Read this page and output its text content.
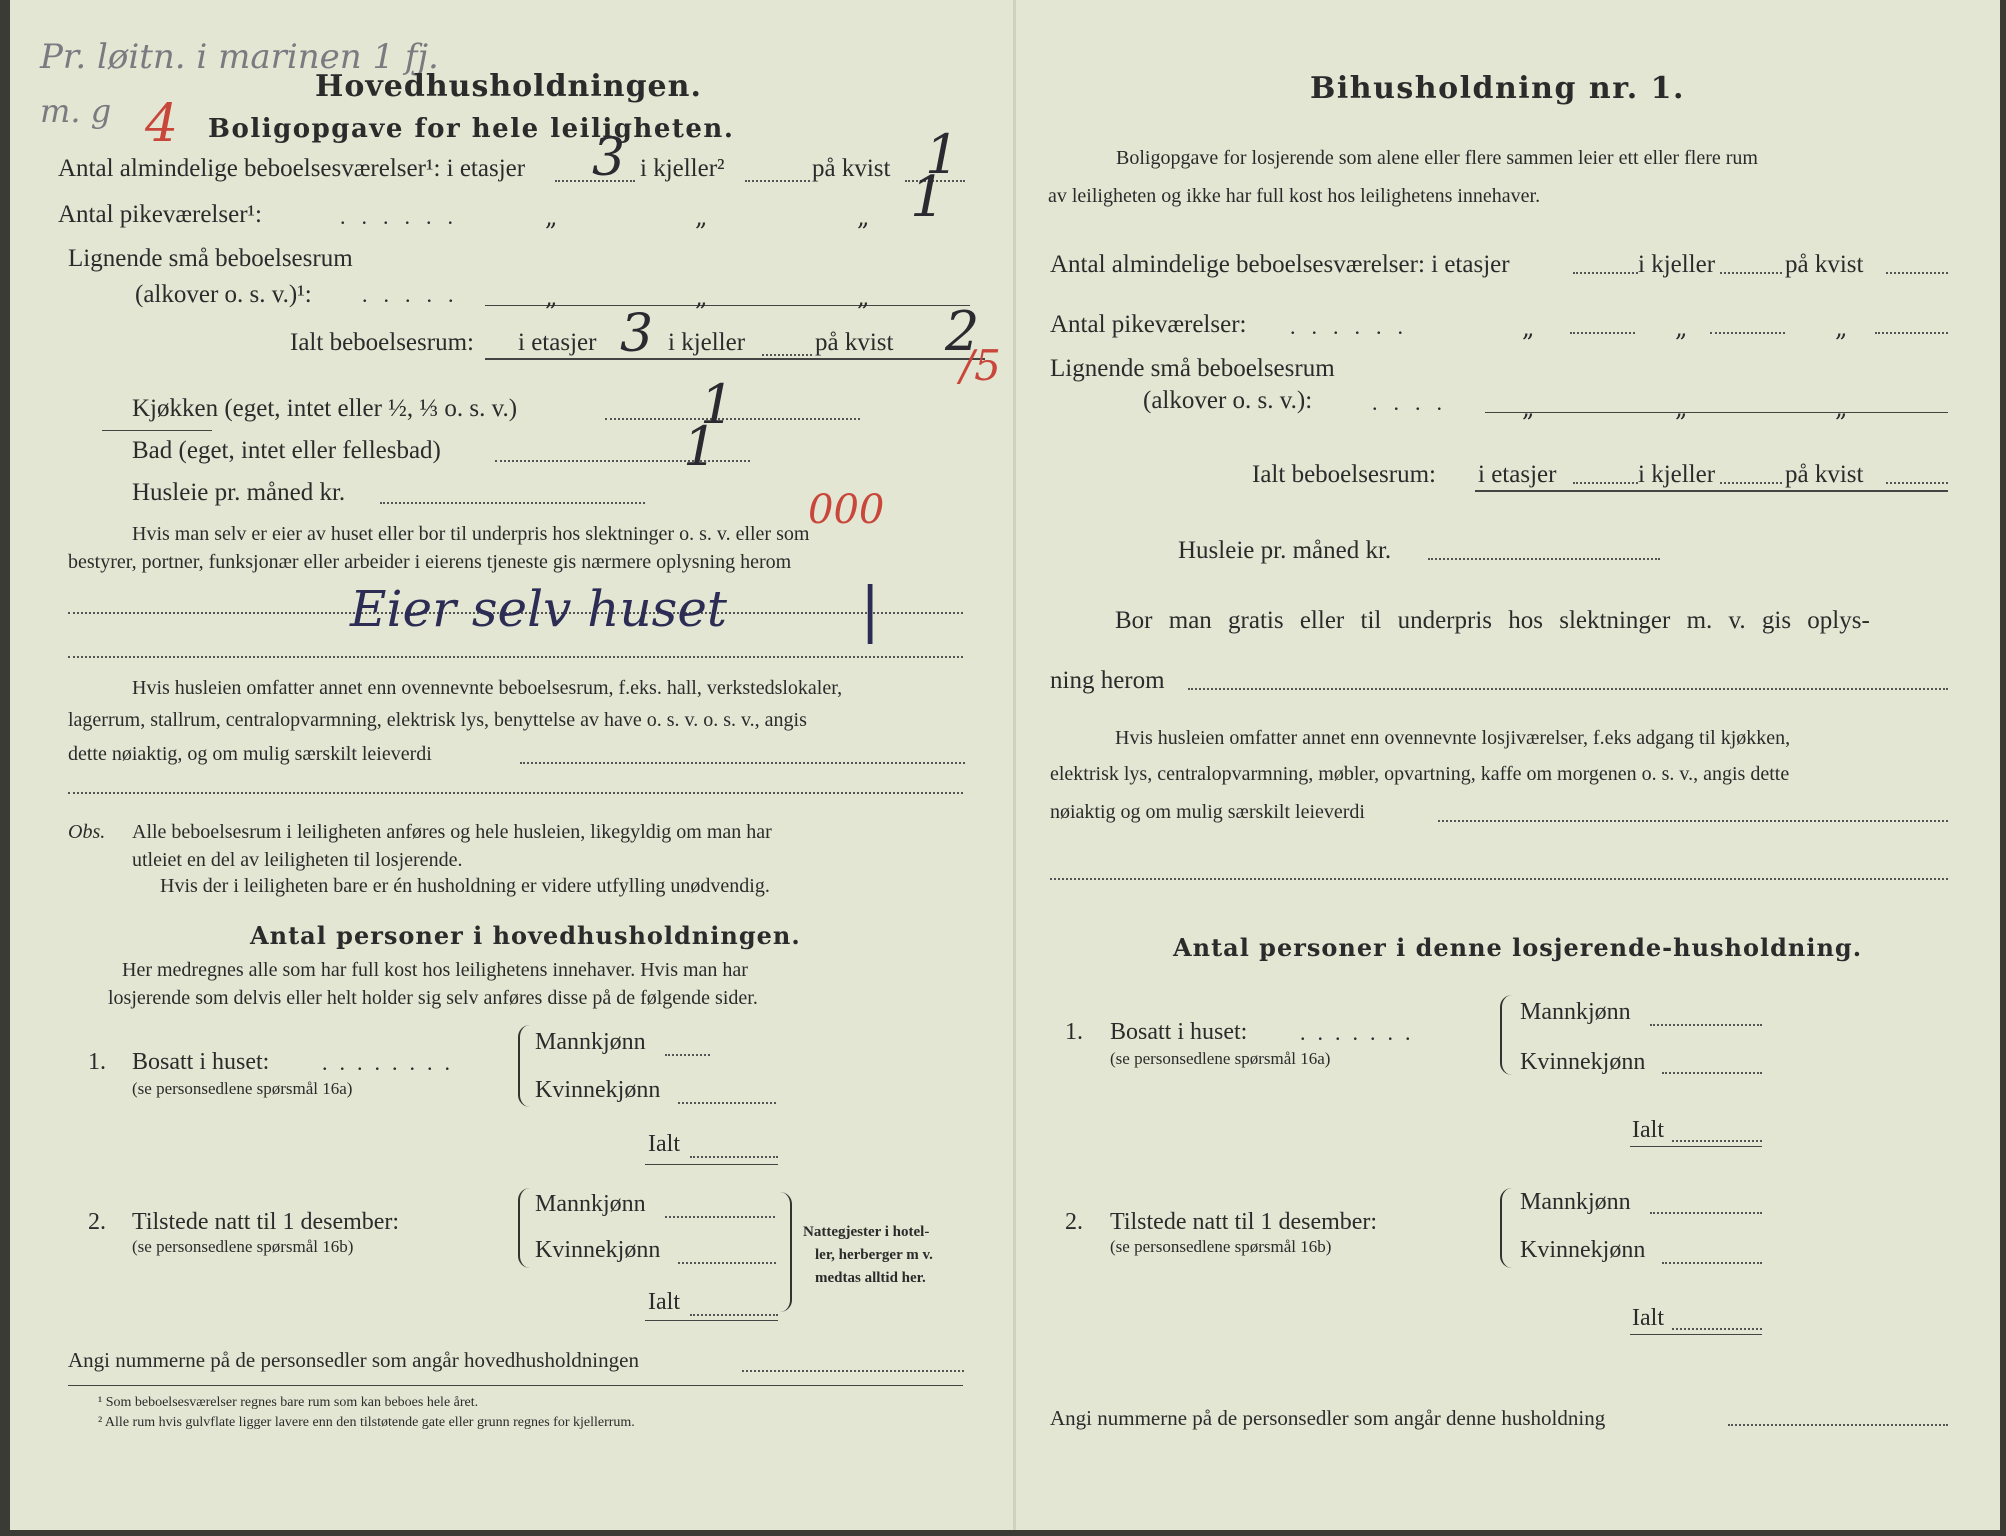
Pr. løitn. i marinen 1 fj.
m. g 4
Hovedhusholdningen.
Boligopgave for hele leiligheten.
Antal almindelige beboelsesværelser¹: i etasjer 3 i kjeller²	på kvist 1
Antal pikeværelser¹:	......	„	„	„ 1
Lignende små beboelsesrum
(alkover o. s. v.)¹: .....	„	„	„
Ialt beboelsesrum: i etasjer 3 i kjeller	på kvist 2
/5
Kjøkken (eget, intet eller ½, ⅓ o. s. v.)	1
Bad (eget, intet eller fellesbad)	1
Husleie pr. måned kr.	000
Hvis man selv er eier av huset eller bor til underpris hos slektninger o. s. v. eller som
bestyrer, portner, funksjonær eller arbeider i eierens tjeneste gis nærmere oplysning herom
Eier selv huset |
Hvis husleien omfatter annet enn ovennevnte beboelsesrum, f.eks. hall, verkstedslokaler,
lagerrum, stallrum, centralopvarmning, elektrisk lys, benyttelse av have o. s. v. o. s. v., angis
dette nøiaktig, og om mulig særskilt leieverdi
Obs. Alle beboelsesrum i leiligheten anføres og hele husleien, likegyldig om man har
utleiet en del av leiligheten til losjerende.
Hvis der i leiligheten bare er én husholdning er videre utfylling unødvendig.
Antal personer i hovedhusholdningen.
Her medregnes alle som har full kost hos leilighetens innehaver. Hvis man har
losjerende som delvis eller helt holder sig selv anføres disse på de følgende sider.
1. Bosatt i huset: ........
(se personsedlene spørsmål 16a)
Mannkjønn
Kvinnekjønn
Ialt
2. Tilstede natt til 1 desember:
(se personsedlene spørsmål 16b)
Mannkjønn
Kvinnekjønn
Ialt
Nattegjester i hotel-
ler, herberger m v.
medtas alltid her.
Angi nummerne på de personsedler som angår hovedhusholdningen
¹ Som beboelsesværelser regnes bare rum som kan beboes hele året.
² Alle rum hvis gulvflate ligger lavere enn den tilstøtende gate eller grunn regnes for kjellerrum.
Bihusholdning nr. 1.
Boligopgave for losjerende som alene eller flere sammen leier ett eller flere rum
av leiligheten og ikke har full kost hos leilighetens innehaver.
Antal almindelige beboelsesværelser: i etasjer	i kjeller	på kvist
Antal pikeværelser: ......	„	„	„
Lignende små beboelsesrum
(alkover o. s. v.):	....	„	„	„
Ialt beboelsesrum: i etasjer	i kjeller	på kvist
Husleie pr. måned kr.
Bor man gratis eller til underpris hos slektninger m. v. gis oplys-
ning herom
Hvis husleien omfatter annet enn ovennevnte losjiværelser, f.eks adgang til kjøkken,
elektrisk lys, centralopvarmning, møbler, opvartning, kaffe om morgenen o. s. v., angis dette
nøiaktig og om mulig særskilt leieverdi
Antal personer i denne losjerende-husholdning.
1. Bosatt i huset: .......
(se personsedlene spørsmål 16a)
Mannkjønn
Kvinnekjønn
Ialt
2. Tilstede natt til 1 desember:
(se personsedlene spørsmål 16b)
Mannkjønn
Kvinnekjønn
Ialt
Angi nummerne på de personsedler som angår denne husholdning
